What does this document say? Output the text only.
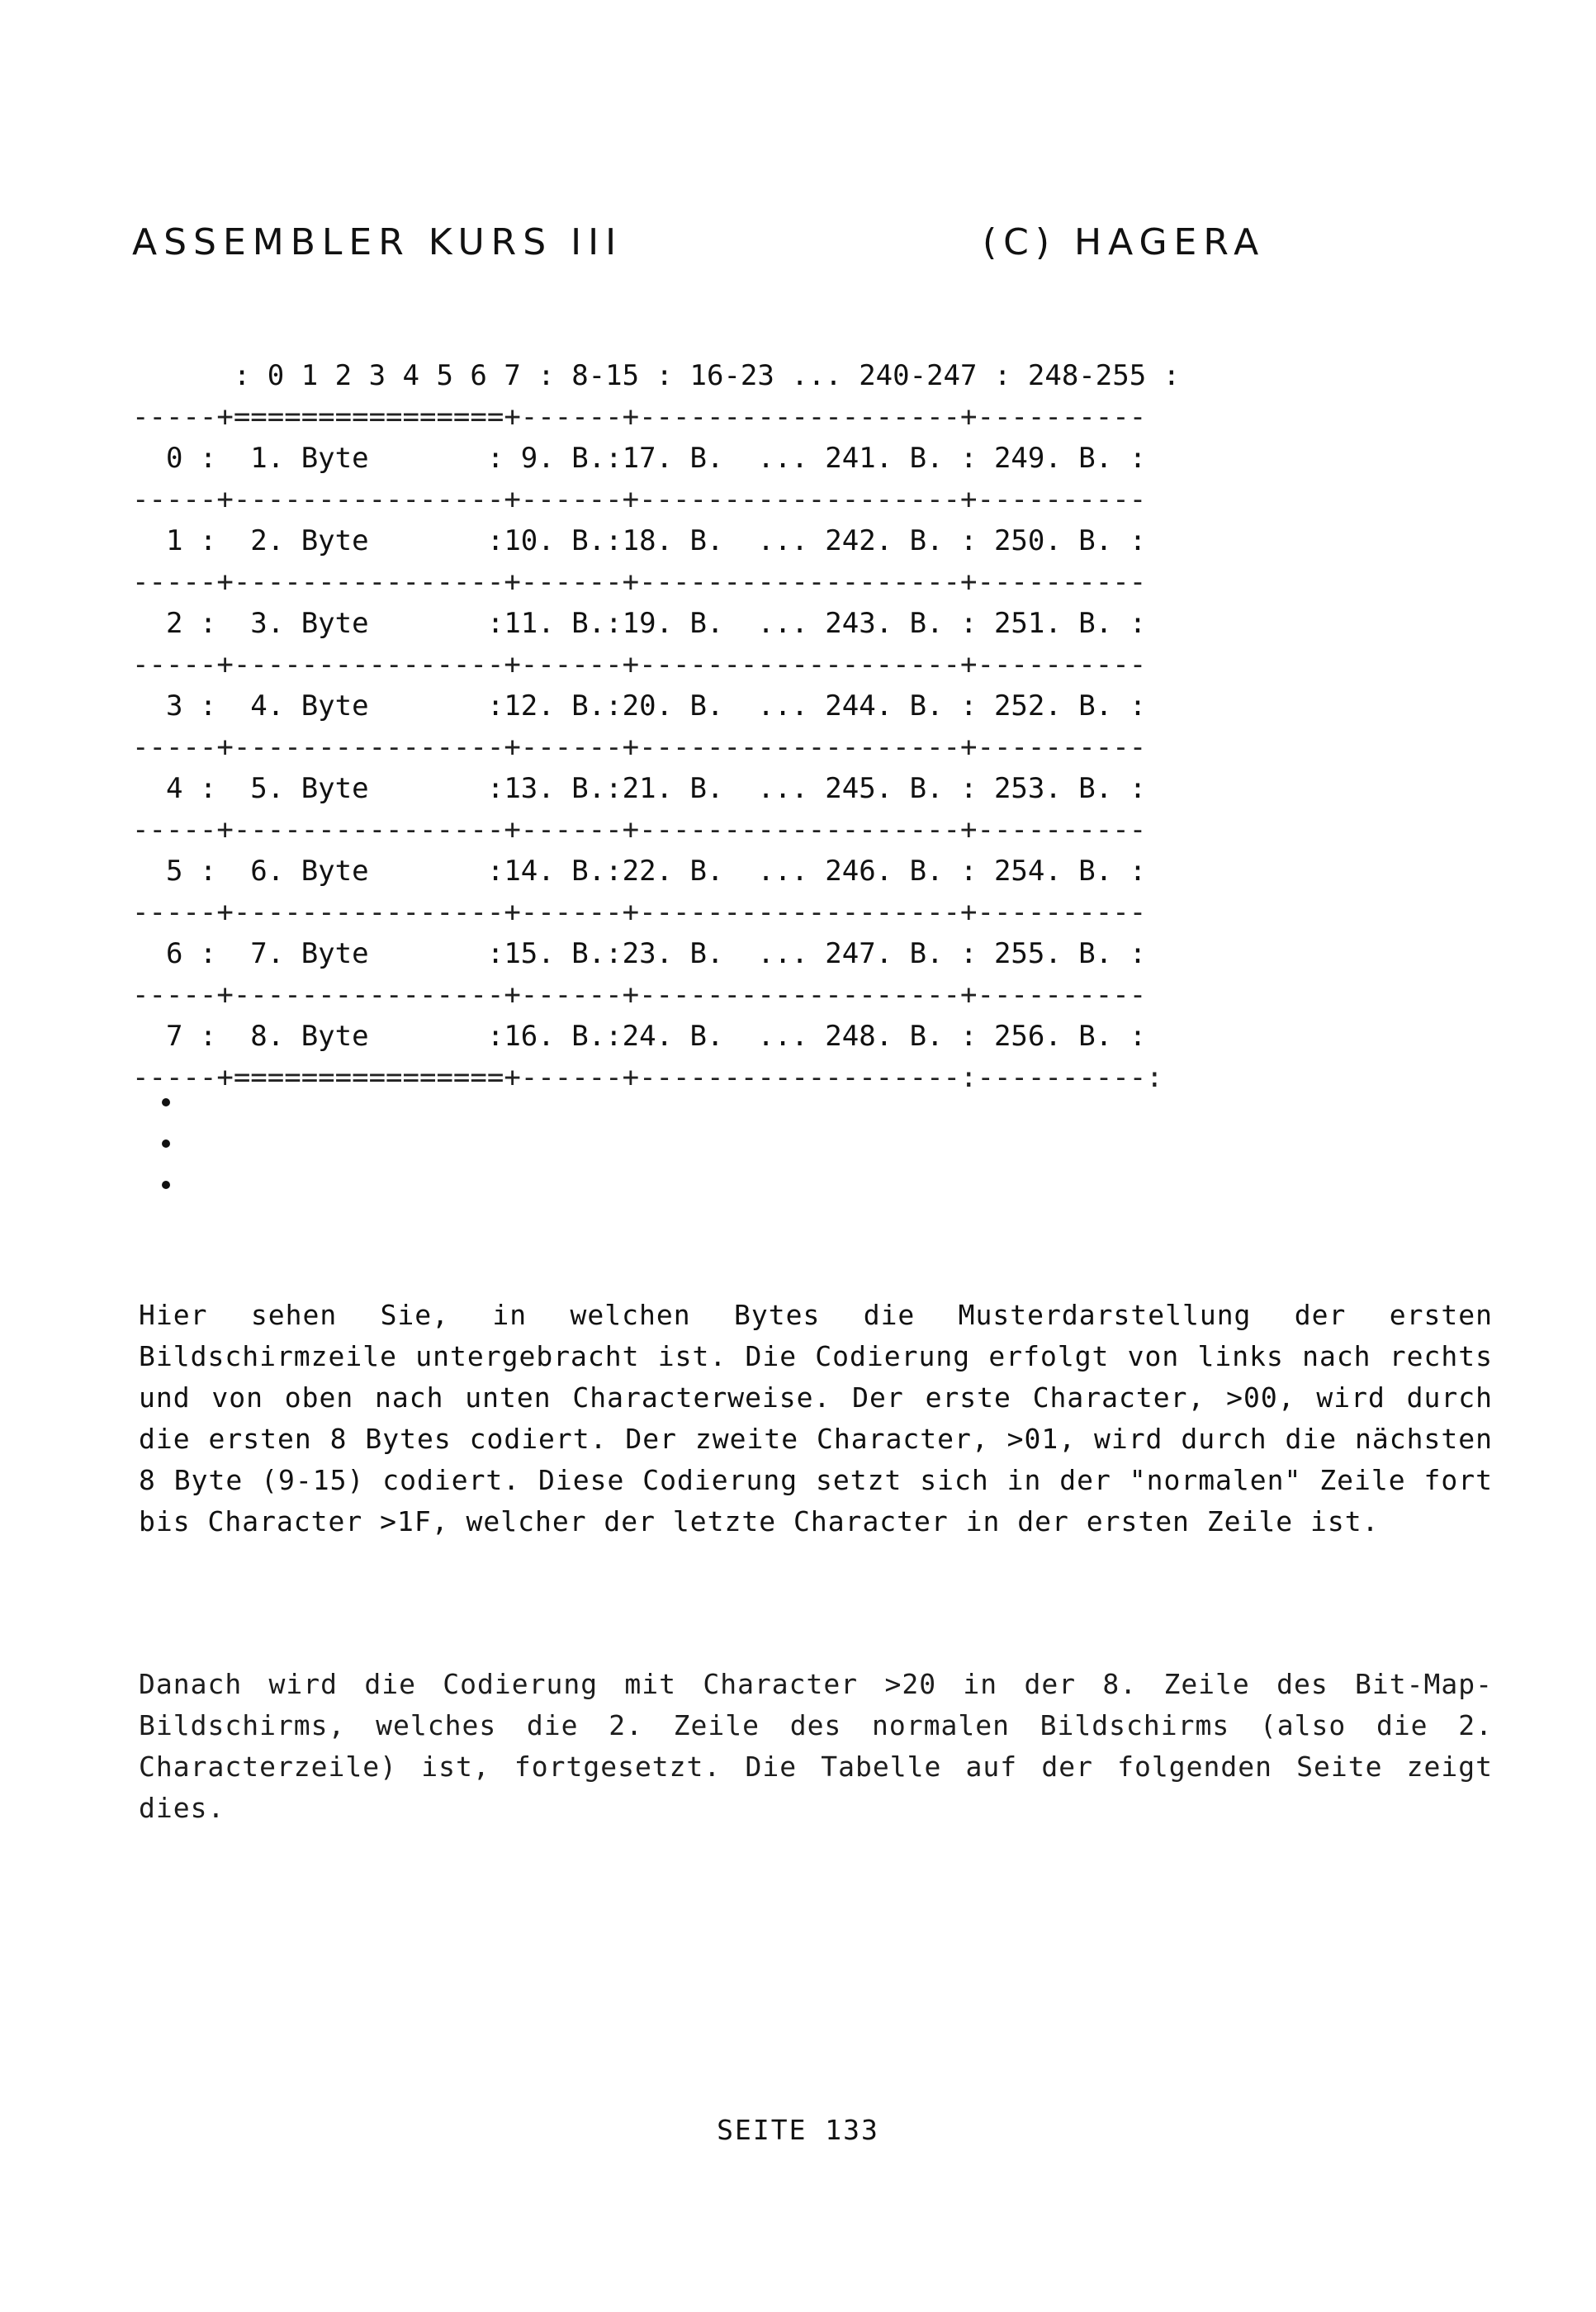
ASSEMBLER KURS III	(C) HAGERA

: 0 1 2 3 4 5 6 7 : 8-15 : 16-23 ... 240-247 : 248-255 :

-----+================+------+-------------------+----------

0 :  1. Byte       : 9. B.:17. B.  ... 241. B. : 249. B. :

-----+----------------+------+-------------------+----------

1 :  2. Byte       :10. B.:18. B.  ... 242. B. : 250. B. :

-----+----------------+------+-------------------+----------

2 :  3. Byte       :11. B.:19. B.  ... 243. B. : 251. B. :

-----+----------------+------+-------------------+----------

3 :  4. Byte       :12. B.:20. B.  ... 244. B. : 252. B. :

-----+----------------+------+-------------------+----------

4 :  5. Byte       :13. B.:21. B.  ... 245. B. : 253. B. :

-----+----------------+------+-------------------+----------

5 :  6. Byte       :14. B.:22. B.  ... 246. B. : 254. B. :

-----+----------------+------+-------------------+----------

6 :  7. Byte       :15. B.:23. B.  ... 247. B. : 255. B. :

-----+----------------+------+-------------------+----------

7 :  8. Byte       :16. B.:24. B.  ... 248. B. : 256. B. :

-----+================+------+-------------------:----------:

Hier sehen Sie, in welchen Bytes die Musterdarstellung der ersten Bildschirmzeile untergebracht ist. Die Codierung erfolgt von links nach rechts und von oben nach unten Characterweise. Der erste Character, >00, wird durch die ersten 8 Bytes codiert. Der zweite Character, >01, wird durch die nächsten 8 Byte (9-15) codiert. Diese Codierung setzt sich in der "normalen" Zeile fort bis Character >1F, welcher der letzte Character in der ersten Zeile ist.

Danach wird die Codierung mit Character >20 in der 8. Zeile des Bit-Map-Bildschirms, welches die 2. Zeile des normalen Bildschirms (also die 2. Characterzeile) ist, fortgesetzt. Die Tabelle auf der folgenden Seite zeigt dies.

SEITE 133
